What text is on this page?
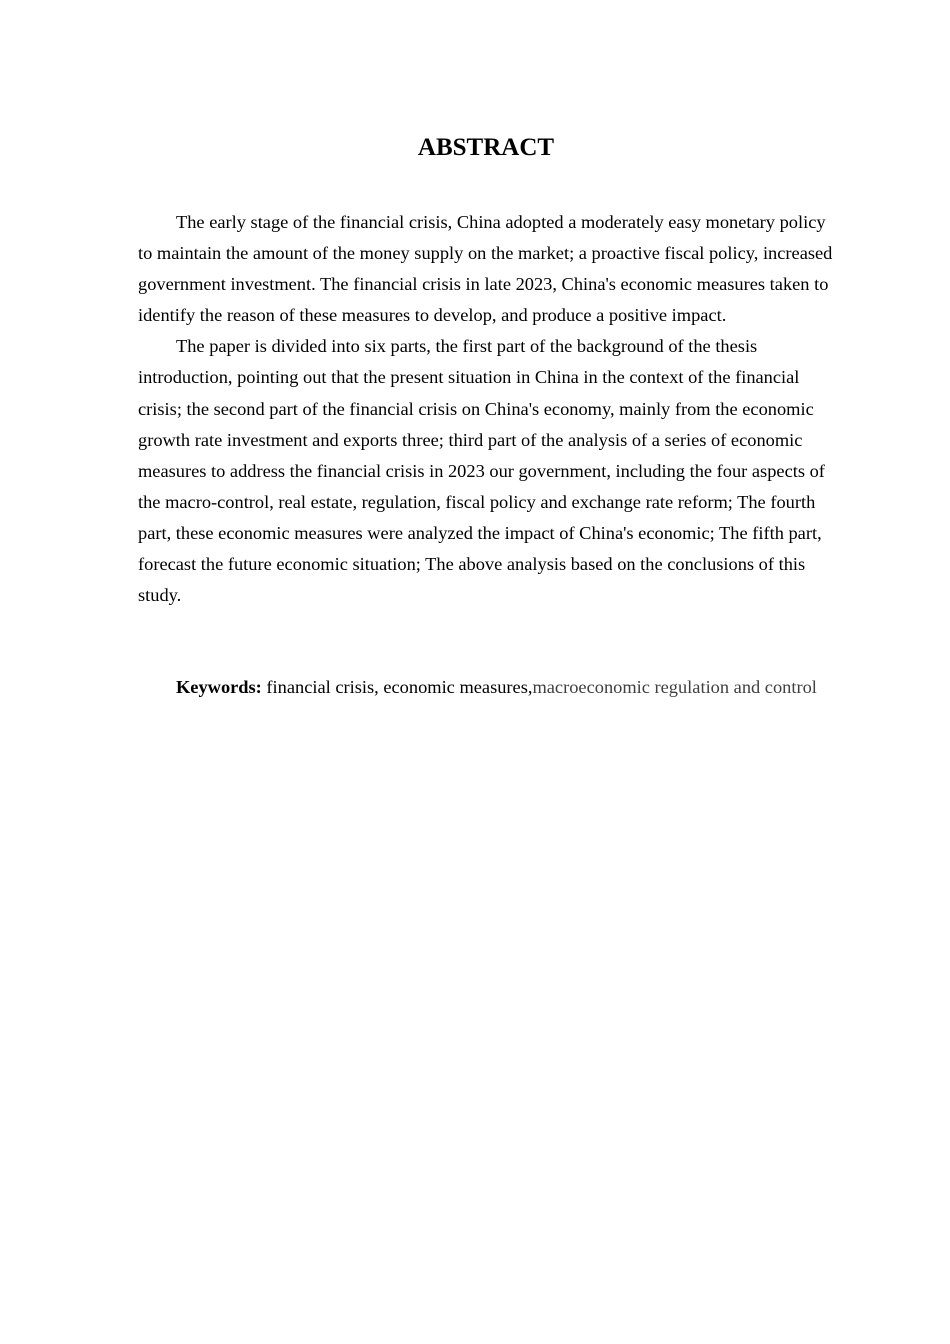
ABSTRACT

The early stage of the financial crisis, China adopted a moderately easy monetary policy to maintain the amount of the money supply on the market; a proactive fiscal policy, increased government investment. The financial crisis in late 2023, China's economic measures taken to identify the reason of these measures to develop, and produce a positive impact.

The paper is divided into six parts, the first part of the background of the thesis introduction, pointing out that the present situation in China in the context of the financial crisis; the second part of the financial crisis on China's economy, mainly from the economic growth rate investment and exports three; third part of the analysis of a series of economic measures to address the financial crisis in 2023 our government, including the four aspects of the macro-control, real estate, regulation, fiscal policy and exchange rate reform; The fourth part, these economic measures were analyzed the impact of China's economic; The fifth part, forecast the future economic situation; The above analysis based on the conclusions of this study.

Keywords: financial crisis, economic measures,macroeconomic regulation and control
